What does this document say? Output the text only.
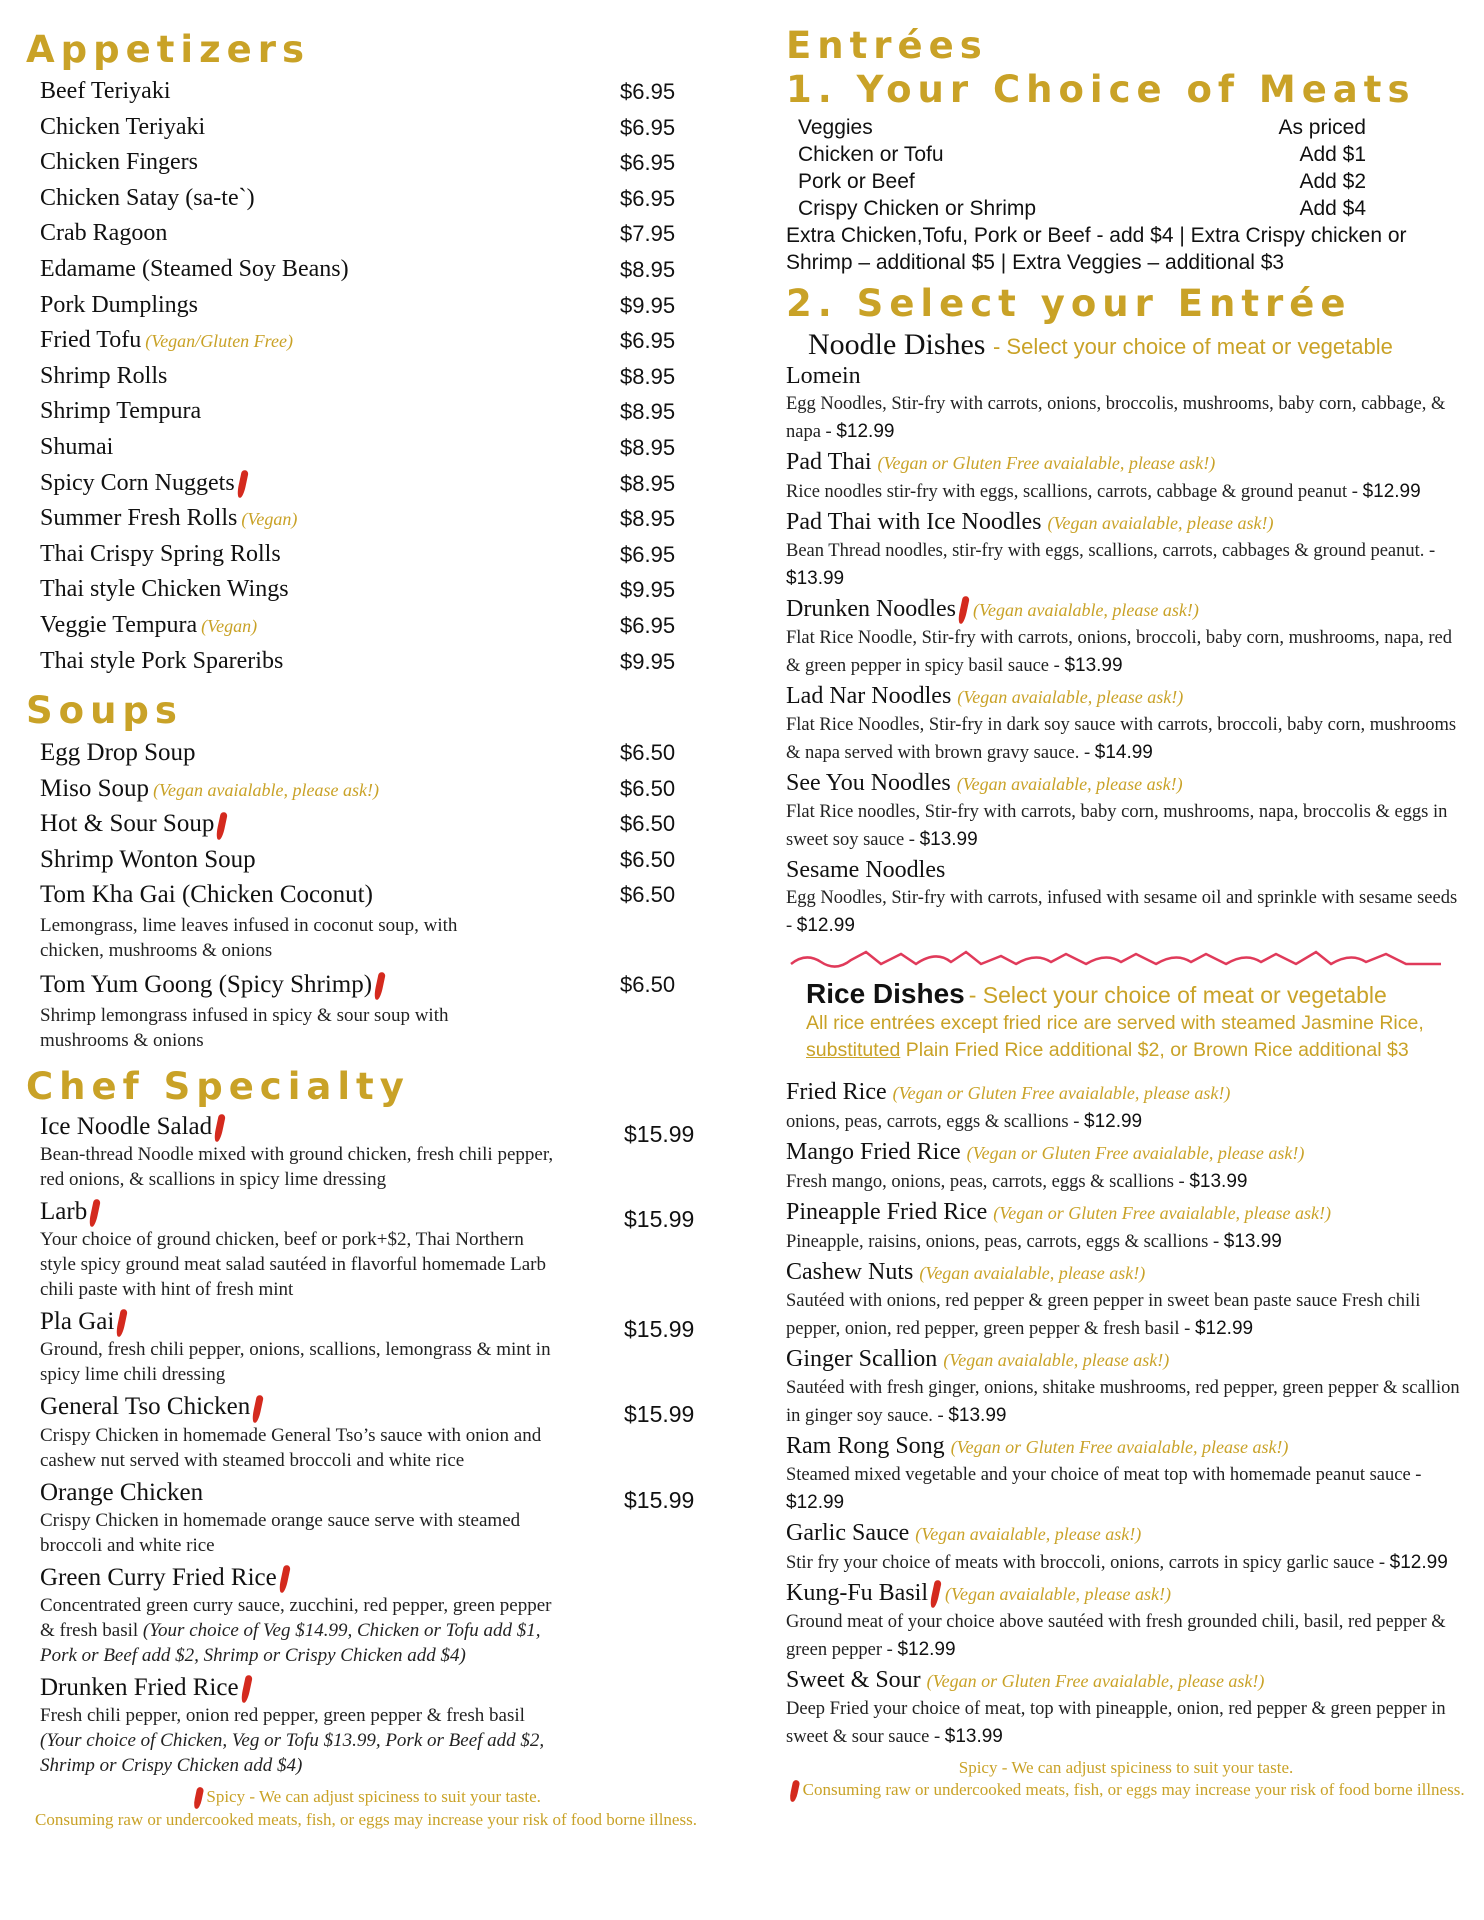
Appetizers
Beef Teriyaki	$6.95
Chicken Teriyaki	$6.95
Chicken Fingers	$6.95
Chicken Satay (sa-te`)	$6.95
Crab Ragoon	$7.95
Edamame (Steamed Soy Beans)	$8.95
Pork Dumplings	$9.95
Fried Tofu (Vegan/Gluten Free)	$6.95
Shrimp Rolls	$8.95
Shrimp Tempura	$8.95
Shumai	$8.95
Spicy Corn Nuggets	$8.95
Summer Fresh Rolls (Vegan)	$8.95
Thai Crispy Spring Rolls	$6.95
Thai style Chicken Wings	$9.95
Veggie Tempura (Vegan)	$6.95
Thai style Pork Spareribs	$9.95
Soups
Egg Drop Soup	$6.50
Miso Soup (Vegan avaialable, please ask!)	$6.50
Hot & Sour Soup	$6.50
Shrimp Wonton Soup	$6.50
Tom Kha Gai (Chicken Coconut)	$6.50
Lemongrass, lime leaves infused in coconut soup, with chicken, mushrooms & onions
Tom Yum Goong (Spicy Shrimp)	$6.50
Shrimp lemongrass infused in spicy & sour soup with mushrooms & onions
Chef Specialty
Ice Noodle Salad	$15.99
Bean-thread Noodle mixed with ground chicken, fresh chili pepper, red onions, & scallions in spicy lime dressing
Larb	$15.99
Your choice of ground chicken, beef or pork+$2, Thai Northern style spicy ground meat salad sautéed in flavorful homemade Larb chili paste with hint of fresh mint
Pla Gai	$15.99
Ground, fresh chili pepper, onions, scallions, lemongrass & mint in spicy lime chili dressing
General Tso Chicken	$15.99
Crispy Chicken in homemade General Tso’s sauce with onion and cashew nut served with steamed broccoli and white rice
Orange Chicken	$15.99
Crispy Chicken in homemade orange sauce serve with steamed broccoli and white rice
Green Curry Fried Rice
Concentrated green curry sauce, zucchini, red pepper, green pepper & fresh basil (Your choice of Veg $14.99, Chicken or Tofu add $1, Pork or Beef add $2, Shrimp or Crispy Chicken add $4)
Drunken Fried Rice
Fresh chili pepper, onion red pepper, green pepper & fresh basil (Your choice of Chicken, Veg or Tofu $13.99, Pork or Beef add $2, Shrimp or Crispy Chicken add $4)
Spicy - We can adjust spiciness to suit your taste.
Consuming raw or undercooked meats, fish, or eggs may increase your risk of food borne illness.
Entrées
1. Your Choice of Meats
Veggies	As priced
Chicken or Tofu	Add $1
Pork or Beef	Add $2
Crispy Chicken or Shrimp	Add $4
Extra Chicken,Tofu, Pork or Beef - add $4 | Extra Crispy chicken or Shrimp – additional $5 | Extra Veggies – additional $3
2. Select your Entrée
Noodle Dishes - Select your choice of meat or vegetable
Lomein
Egg Noodles, Stir-fry with carrots, onions, broccolis, mushrooms, baby corn, cabbage, & napa - $12.99
Pad Thai (Vegan or Gluten Free avaialable, please ask!)
Rice noodles stir-fry with eggs, scallions, carrots, cabbage & ground peanut - $12.99
Pad Thai with Ice Noodles (Vegan avaialable, please ask!)
Bean Thread noodles, stir-fry with eggs, scallions, carrots, cabbages & ground peanut. - $13.99
Drunken Noodles (Vegan avaialable, please ask!)
Flat Rice Noodle, Stir-fry with carrots, onions, broccoli, baby corn, mushrooms, napa, red & green pepper in spicy basil sauce - $13.99
Lad Nar Noodles (Vegan avaialable, please ask!)
Flat Rice Noodles, Stir-fry in dark soy sauce with carrots, broccoli, baby corn, mushrooms & napa served with brown gravy sauce. - $14.99
See You Noodles (Vegan avaialable, please ask!)
Flat Rice noodles, Stir-fry with carrots, baby corn, mushrooms, napa, broccolis & eggs in sweet soy sauce - $13.99
Sesame Noodles
Egg Noodles, Stir-fry with carrots, infused with sesame oil and sprinkle with sesame seeds - $12.99
Rice Dishes - Select your choice of meat or vegetable
All rice entrées except fried rice are served with steamed Jasmine Rice,
substituted Plain Fried Rice additional $2, or Brown Rice additional $3
Fried Rice (Vegan or Gluten Free avaialable, please ask!)
onions, peas, carrots, eggs & scallions - $12.99
Mango Fried Rice (Vegan or Gluten Free avaialable, please ask!)
Fresh mango, onions, peas, carrots, eggs & scallions - $13.99
Pineapple Fried Rice (Vegan or Gluten Free avaialable, please ask!)
Pineapple, raisins, onions, peas, carrots, eggs & scallions - $13.99
Cashew Nuts (Vegan avaialable, please ask!)
Sautéed with onions, red pepper & green pepper in sweet bean paste sauce Fresh chili pepper, onion, red pepper, green pepper & fresh basil - $12.99
Ginger Scallion (Vegan avaialable, please ask!)
Sautéed with fresh ginger, onions, shitake mushrooms, red pepper, green pepper & scallion in ginger soy sauce. - $13.99
Ram Rong Song (Vegan or Gluten Free avaialable, please ask!)
Steamed mixed vegetable and your choice of meat top with homemade peanut sauce - $12.99
Garlic Sauce (Vegan avaialable, please ask!)
Stir fry your choice of meats with broccoli, onions, carrots in spicy garlic sauce - $12.99
Kung-Fu Basil (Vegan avaialable, please ask!)
Ground meat of your choice above sautéed with fresh grounded chili, basil, red pepper & green pepper - $12.99
Sweet & Sour (Vegan or Gluten Free avaialable, please ask!)
Deep Fried your choice of meat, top with pineapple, onion, red pepper & green pepper in sweet & sour sauce - $13.99
Spicy - We can adjust spiciness to suit your taste.
Consuming raw or undercooked meats, fish, or eggs may increase your risk of food borne illness.
